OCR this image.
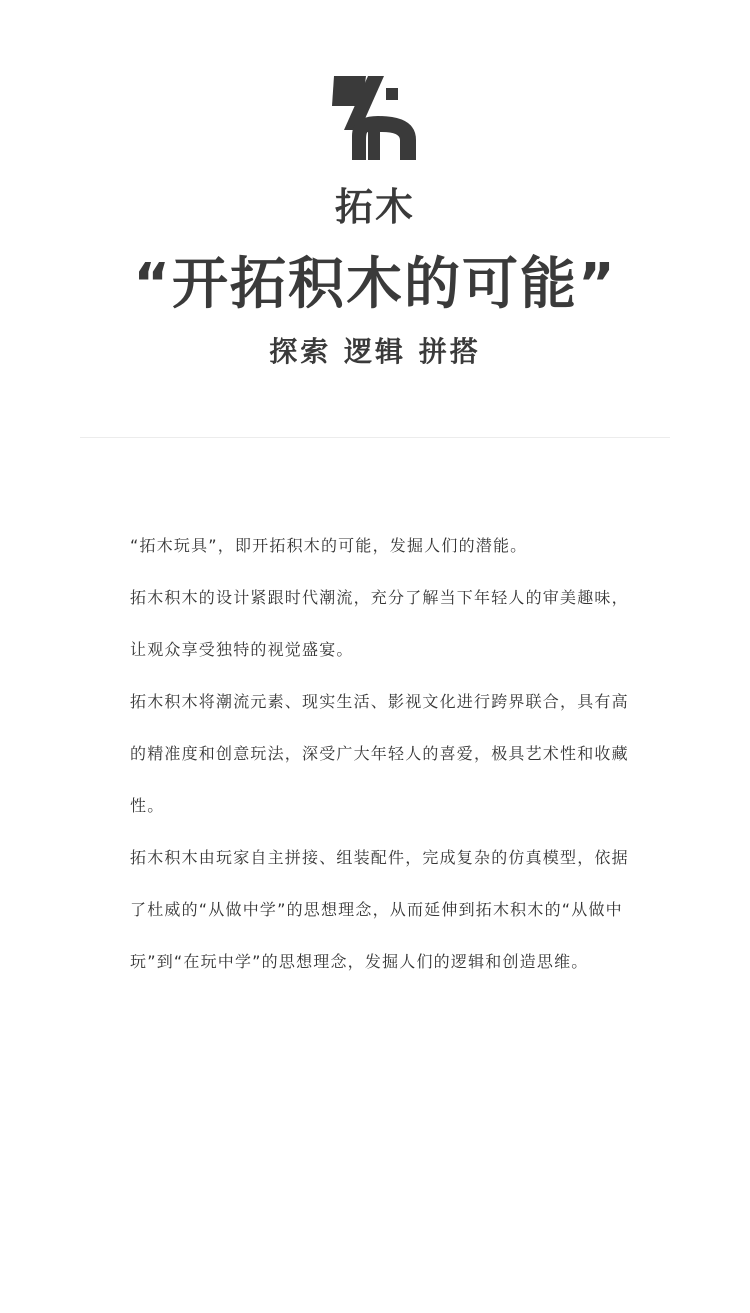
拓木
“开拓积木的可能”
探索 逻辑 拼搭

“拓木玩具”，即开拓积木的可能，发掘人们的潜能。

拓木积木的设计紧跟时代潮流，充分了解当下年轻人的审美趣味，让观众享受独特的视觉盛宴。

拓木积木将潮流元素、现实生活、影视文化进行跨界联合，具有高的精准度和创意玩法，深受广大年轻人的喜爱，极具艺术性和收藏性。

拓木积木由玩家自主拼接、组装配件，完成复杂的仿真模型，依据了杜威的“从做中学”的思想理念，从而延伸到拓木积木的“从做中玩”到“在玩中学”的思想理念，发掘人们的逻辑和创造思维。
